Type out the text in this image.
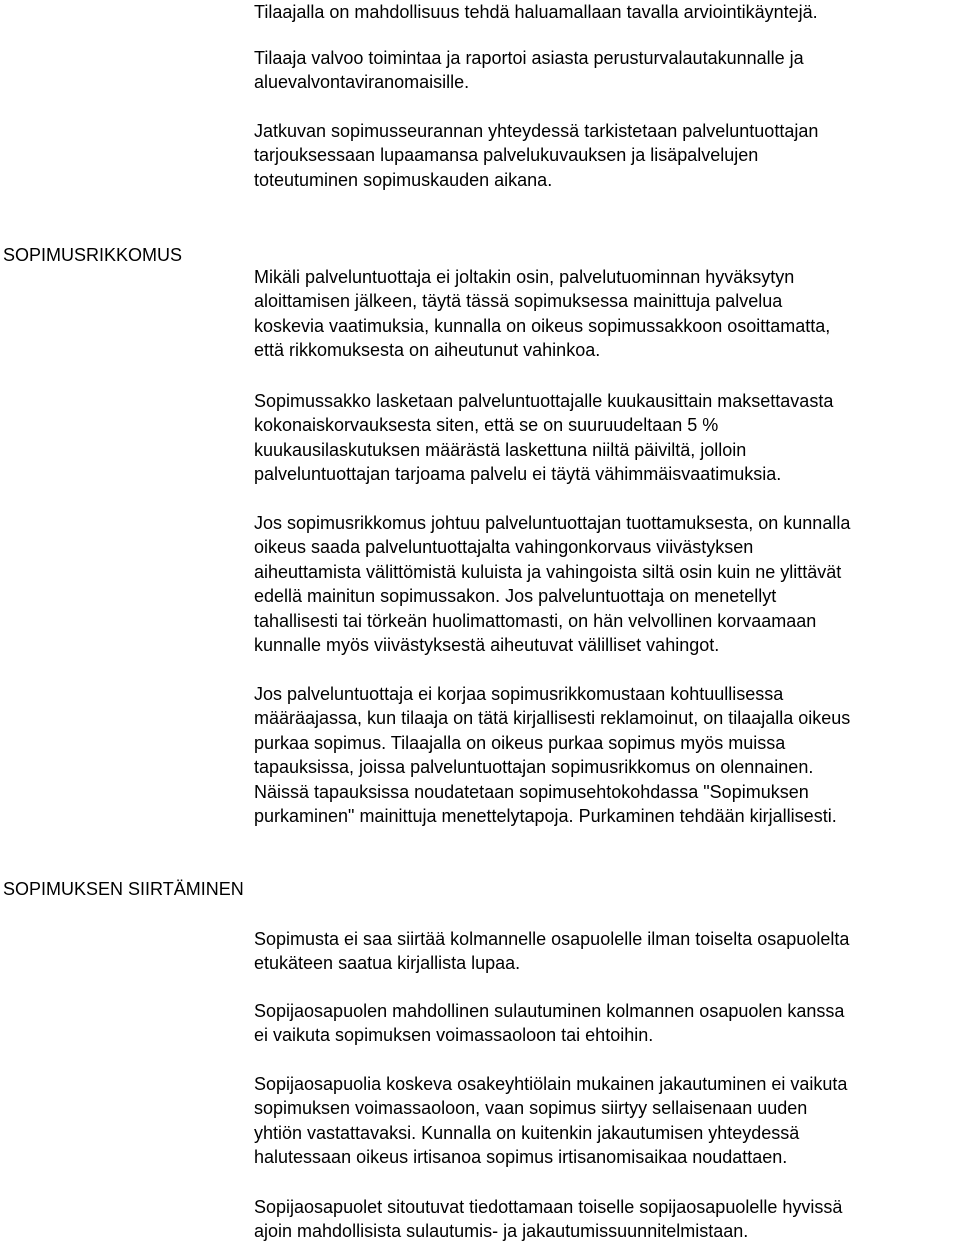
Tilaajalla on mahdollisuus tehdä haluamallaan tavalla arviointikäyntejä.

Tilaaja valvoo toimintaa ja raportoi asiasta perusturvalautakunnalle ja
aluevalvontaviranomaisille.

Jatkuvan sopimusseurannan yhteydessä tarkistetaan palveluntuottajan
tarjouksessaan lupaamansa palvelukuvauksen ja lisäpalvelujen
toteutuminen sopimuskauden aikana.

SOPIMUSRIKKOMUS

Mikäli palveluntuottaja ei joltakin osin, palvelutuominnan hyväksytyn
aloittamisen jälkeen, täytä tässä sopimuksessa mainittuja palvelua
koskevia vaatimuksia, kunnalla on oikeus sopimussakkoon osoittamatta,
että rikkomuksesta on aiheutunut vahinkoa.

Sopimussakko lasketaan palveluntuottajalle kuukausittain maksettavasta
kokonaiskorvauksesta siten, että se on suuruudeltaan 5 %
kuukausilaskutuksen määrästä laskettuna niiltä päiviltä, jolloin
palveluntuottajan tarjoama palvelu ei täytä vähimmäisvaatimuksia.

Jos sopimusrikkomus johtuu palveluntuottajan tuottamuksesta, on kunnalla
oikeus saada palveluntuottajalta vahingonkorvaus viivästyksen
aiheuttamista välittömistä kuluista ja vahingoista siltä osin kuin ne ylittävät
edellä mainitun sopimussakon. Jos palveluntuottaja on menetellyt
tahallisesti tai törkeän huolimattomasti, on hän velvollinen korvaamaan
kunnalle myös viivästyksestä aiheutuvat välilliset vahingot.

Jos palveluntuottaja ei korjaa sopimusrikkomustaan kohtuullisessa
määräajassa, kun tilaaja on tätä kirjallisesti reklamoinut, on tilaajalla oikeus
purkaa sopimus. Tilaajalla on oikeus purkaa sopimus myös muissa
tapauksissa, joissa palveluntuottajan sopimusrikkomus on olennainen.
Näissä tapauksissa noudatetaan sopimusehtokohdassa "Sopimuksen
purkaminen" mainittuja menettelytapoja. Purkaminen tehdään kirjallisesti.

SOPIMUKSEN SIIRTÄMINEN

Sopimusta ei saa siirtää kolmannelle osapuolelle ilman toiselta osapuolelta
etukäteen saatua kirjallista lupaa.

Sopijaosapuolen mahdollinen sulautuminen kolmannen osapuolen kanssa
ei vaikuta sopimuksen voimassaoloon tai ehtoihin.

Sopijaosapuolia koskeva osakeyhtiölain mukainen jakautuminen ei vaikuta
sopimuksen voimassaoloon, vaan sopimus siirtyy sellaisenaan uuden
yhtiön vastattavaksi. Kunnalla on kuitenkin jakautumisen yhteydessä
halutessaan oikeus irtisanoa sopimus irtisanomisaikaa noudattaen.

Sopijaosapuolet sitoutuvat tiedottamaan toiselle sopijaosapuolelle hyvissä
ajoin mahdollisista sulautumis- ja jakautumissuunnitelmistaan.
